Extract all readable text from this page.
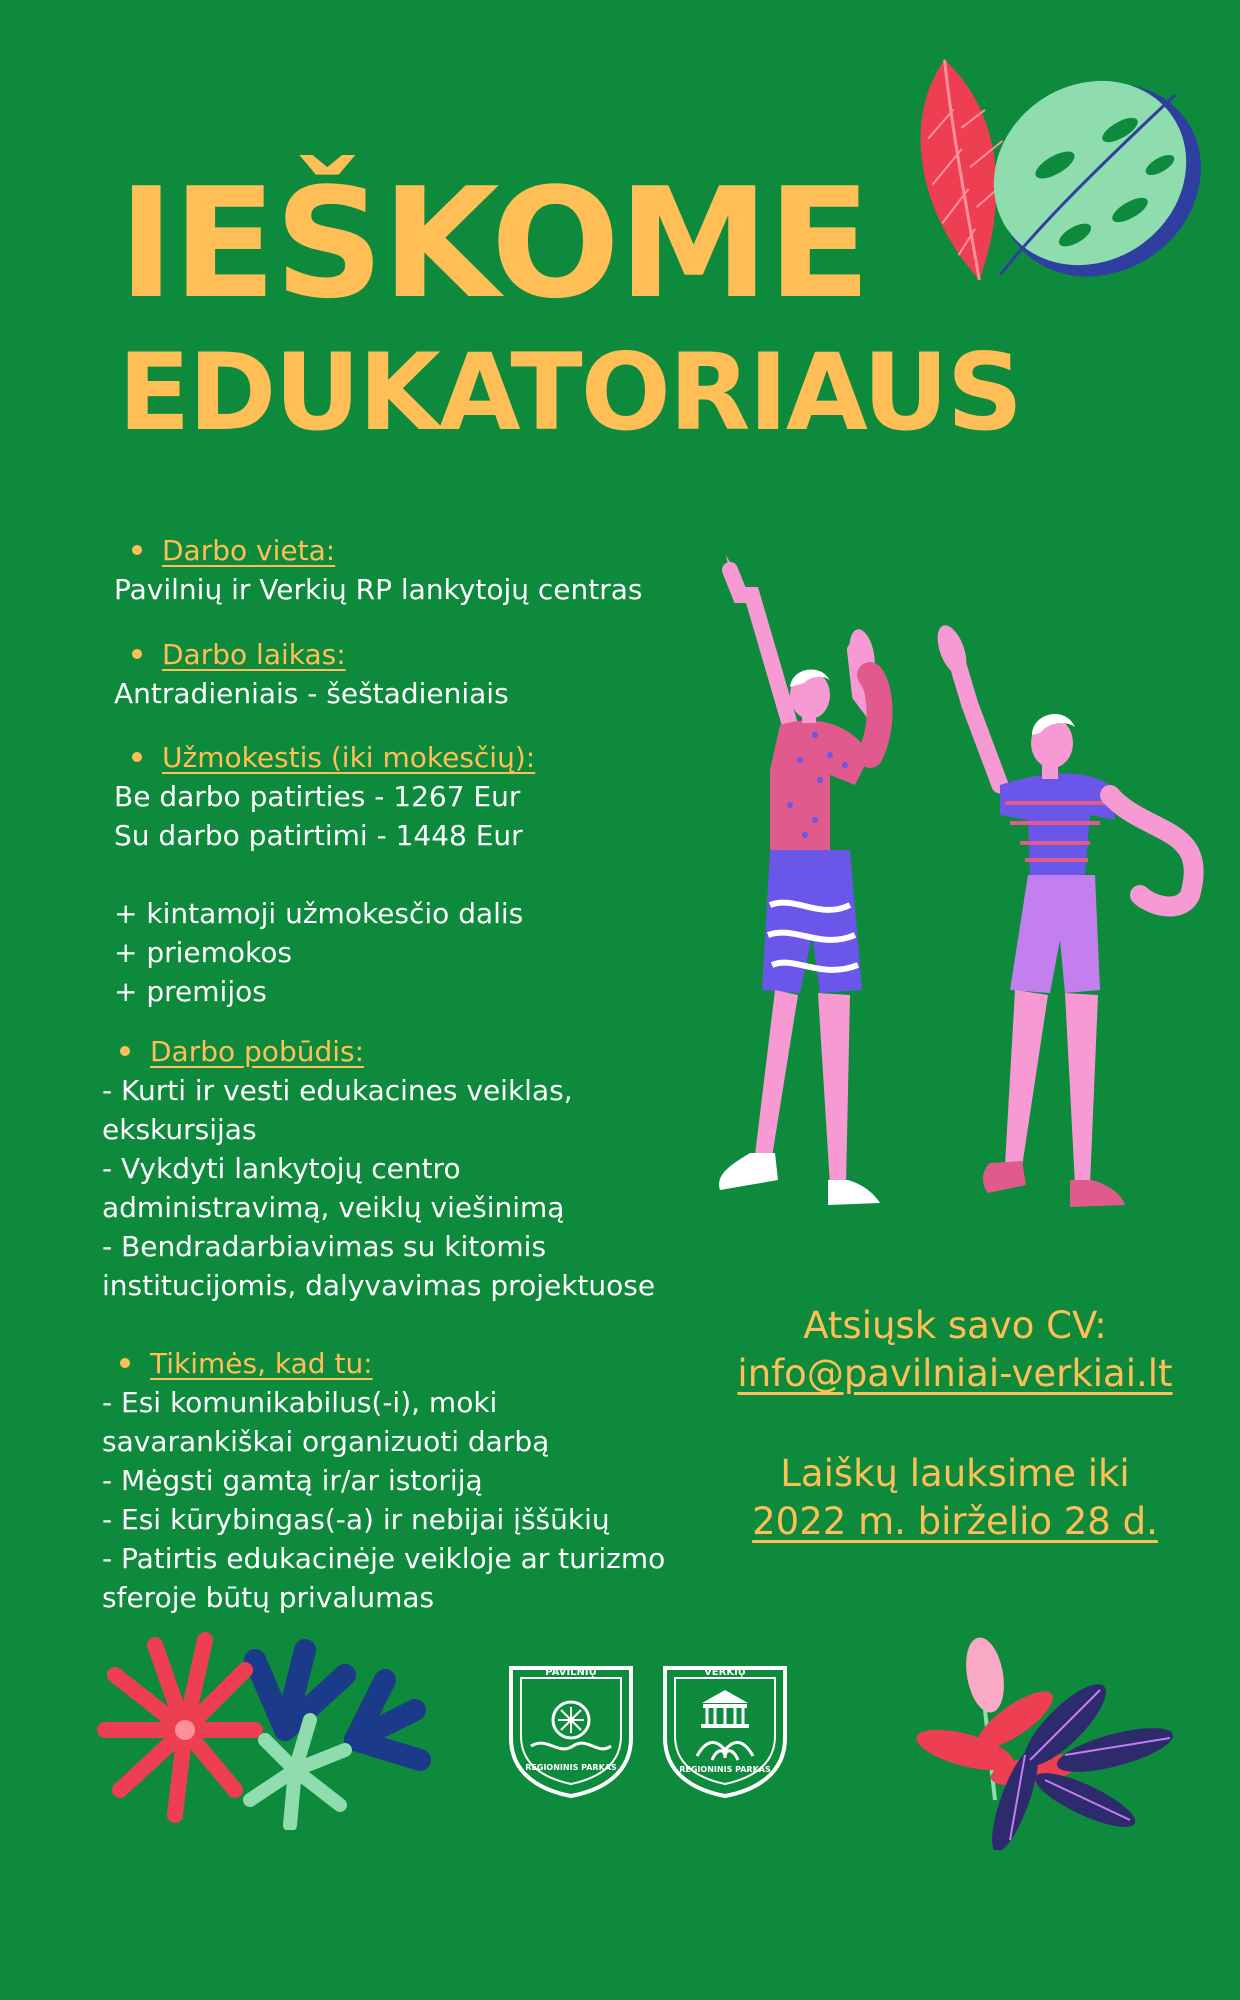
IEŠKOME
EDUKATORIAUS
Darbo vieta:
Pavilnių ir Verkių RP lankytojų centras
Darbo laikas:
Antradieniais - šeštadieniais
Užmokestis (iki mokesčių):
Be darbo patirties - 1267 Eur
Su darbo patirtimi - 1448 Eur
+ kintamoji užmokesčio dalis
+ priemokos
+ premijos
Darbo pobūdis:
- Kurti ir vesti edukacines veiklas,
ekskursijas
- Vykdyti lankytojų centro
administravimą, veiklų viešinimą
- Bendradarbiavimas su kitomis
institucijomis, dalyvavimas projektuose
Tikimės, kad tu:
- Esi komunikabilus(-i), moki
savarankiškai organizuoti darbą
- Mėgsti gamtą ir/ar istoriją
- Esi kūrybingas(-a) ir nebijai įššūkių
- Patirtis edukacinėje veikloje ar turizmo
sferoje būtų privalumas
Atsiųsk savo CV:
info@pavilniai-verkiai.lt
Laiškų lauksime iki
2022 m. birželio 28 d.
PAVILNIŲ
REGIONINIS PARKAS
VERKIŲ
REGIONINIS PARKAS
